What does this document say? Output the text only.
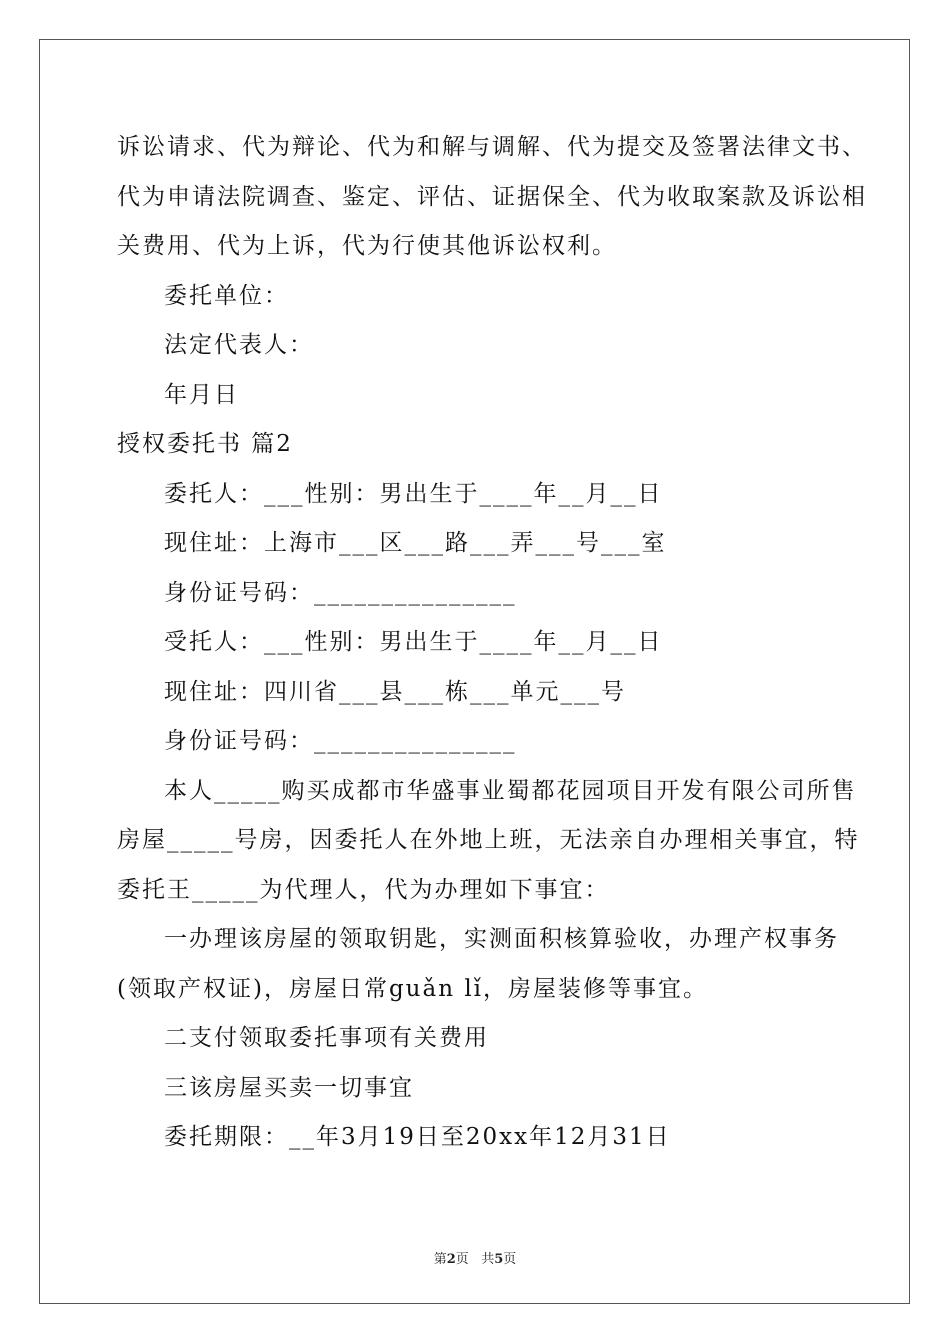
诉讼请求、代为辩论、代为和解与调解、代为提交及签署法律文书、
代为申请法院调查、鉴定、评估、证据保全、代为收取案款及诉讼相
关费用、代为上诉，代为行使其他诉讼权利。
委托单位：
法定代表人：
年月日
授权委托书 篇2
委托人：___性别：男出生于____年__月__日
现住址：上海市___区___路___弄___号___室
身份证号码：_______________
受托人：___性别：男出生于____年__月__日
现住址：四川省___县___栋___单元___号
身份证号码：_______________
本人_____购买成都市华盛事业蜀都花园项目开发有限公司所售
房屋_____号房，因委托人在外地上班，无法亲自办理相关事宜，特
委托王_____为代理人，代为办理如下事宜：
一办理该房屋的领取钥匙，实测面积核算验收，办理产权事务
(领取产权证)，房屋日常guǎn lǐ，房屋装修等事宜。
二支付领取委托事项有关费用
三该房屋买卖一切事宜
委托期限：__年3月19日至20xx年12月31日
第2页 共5页
